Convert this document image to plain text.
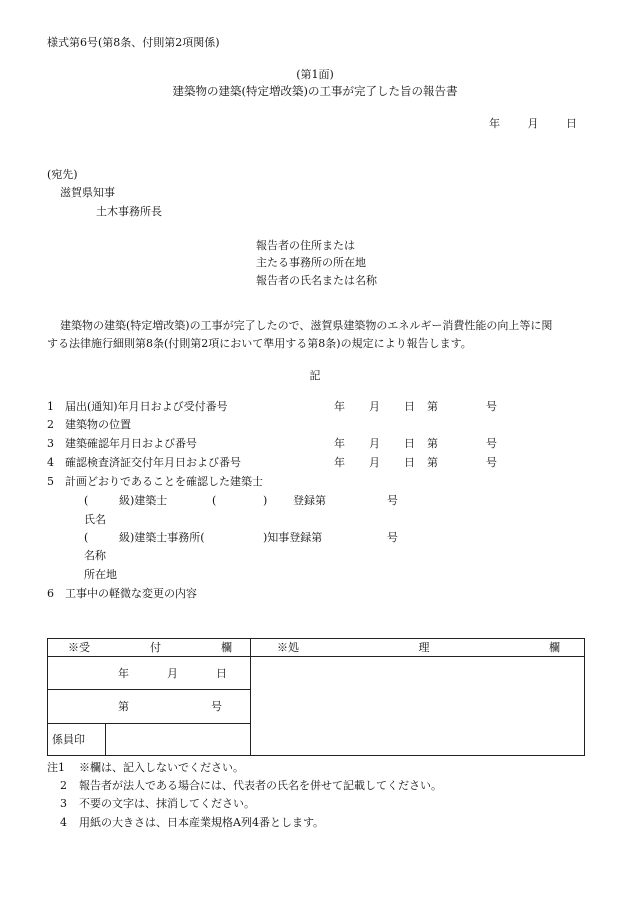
様式第6号(第8条、付則第2項関係)
(第1面)
建築物の建築(特定増改築)の工事が完了した旨の報告書
年	月	日
(宛先)
滋賀県知事
土木事務所長
報告者の住所または
主たる事務所の所在地
報告者の氏名または名称
建築物の建築(特定増改築)の工事が完了したので、滋賀県建築物のエネルギー消費性能の向上等に関
する法律施行細則第8条(付則第2項において準用する第8条)の規定により報告します。
記
1 届出(通知)年月日および受付番号	年 月 日 第	号
2 建築物の位置
3 建築確認年月日および番号	年 月 日 第	号
4 確認検査済証交付年月日および番号	年 月 日 第	号
5 計画どおりであることを確認した建築士
(	級)建築士	(	) 登録第	号
氏名
(	級)建築士事務所(	)知事登録第	号
名称
所在地
6 工事中の軽微な変更の内容
※受 付 欄		※処 理 欄

年 月 日		

第 号		

係員印		
注1 ※欄は、記入しないでください。
2 報告者が法人である場合には、代表者の氏名を併せて記載してください。
3 不要の文字は、抹消してください。
4 用紙の大きさは、日本産業規格A列4番とします。
